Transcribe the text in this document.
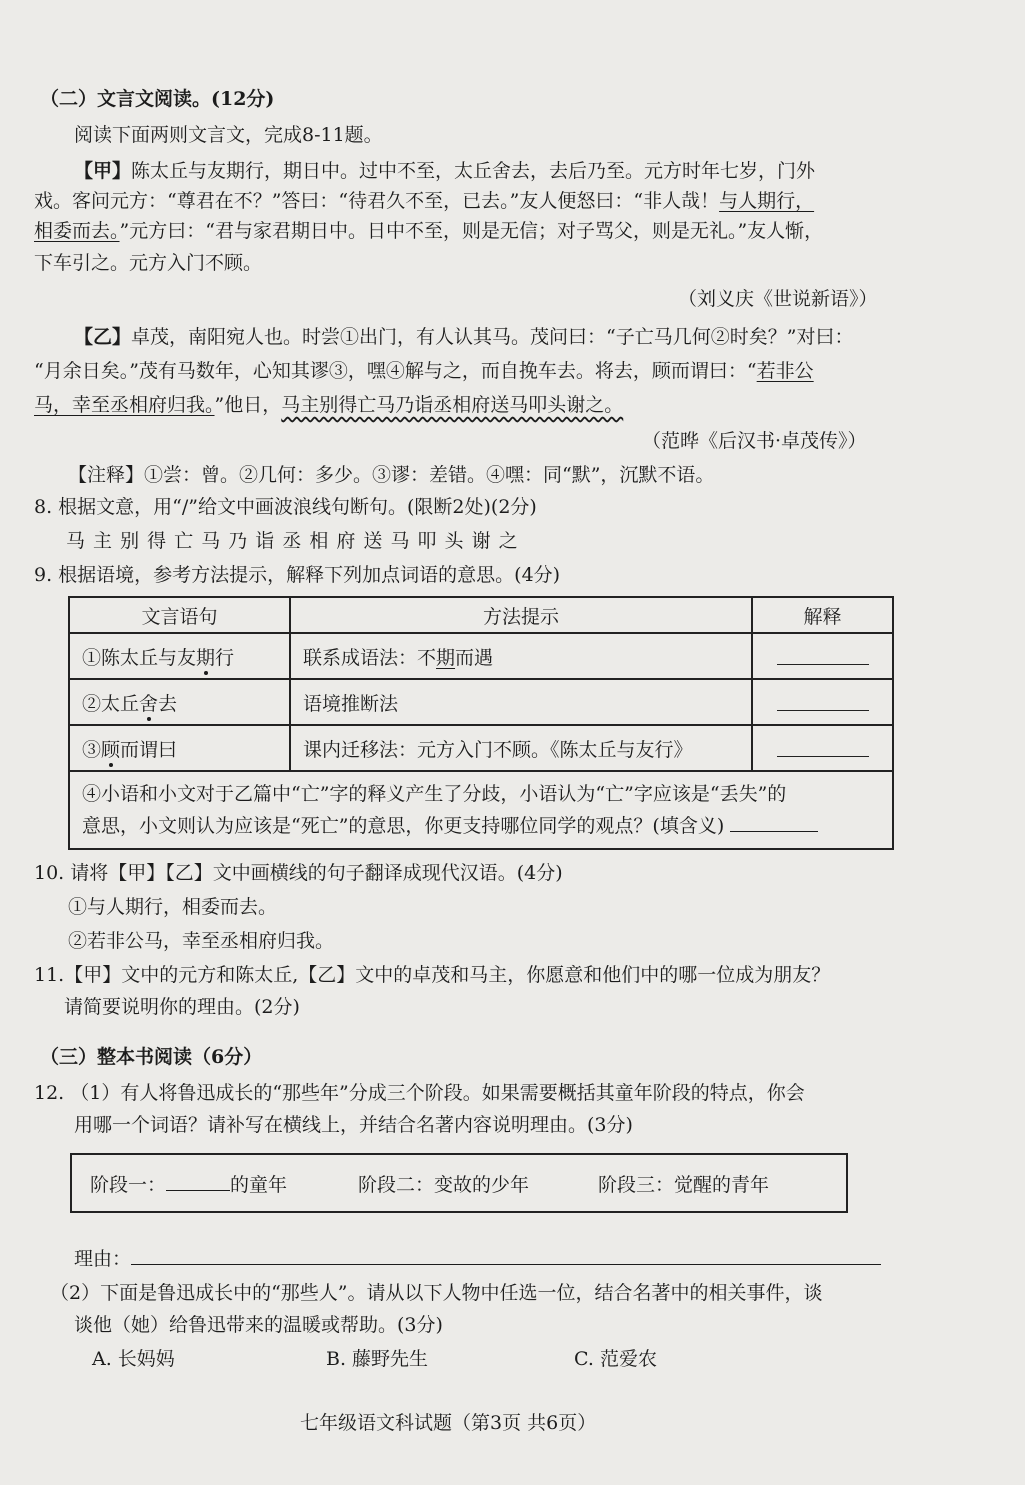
（二）文言文阅读。(12分)
阅读下面两则文言文，完成8-11题。
【甲】陈太丘与友期行，期日中。过中不至，太丘舍去，去后乃至。元方时年七岁，门外
戏。客问元方：“尊君在不？”答曰：“待君久不至，已去。”友人便怒曰：“非人哉！与人期行，
相委而去。”元方曰：“君与家君期日中。日中不至，则是无信；对子骂父，则是无礼。”友人惭，
下车引之。元方入门不顾。
（刘义庆《世说新语》）
【乙】卓茂，南阳宛人也。时尝①出门，有人认其马。茂问曰：“子亡马几何②时矣？”对曰：
“月余日矣。”茂有马数年，心知其谬③，嘿④解与之，而自挽车去。将去，顾而谓曰：“若非公
马，幸至丞相府归我。”他日，马主别得亡马乃诣丞相府送马叩头谢之。
（范晔《后汉书·卓茂传》）
【注释】①尝：曾。②几何：多少。③谬：差错。④嘿：同“默”，沉默不语。
8. 根据文意，用“/”给文中画波浪线句断句。(限断2处)(2分)
马 主 别 得 亡 马 乃 诣 丞 相 府 送 马 叩 头 谢 之
9. 根据语境，参考方法提示，解释下列加点词语的意思。(4分)
文言语句	方法提示	解释
①陈太丘与友期行	联系成语法：不期而遇	
②太丘舍去	语境推断法	
③顾而谓曰	课内迁移法：元方入门不顾。《陈太丘与友行》	

④小语和小文对于乙篇中“亡”字的释义产生了分歧，小语认为“亡”字应该是“丢失”的
意思，小文则认为应该是“死亡”的意思，你更支持哪位同学的观点？(填含义)		
10. 请将【甲】【乙】文中画横线的句子翻译成现代汉语。(4分)
①与人期行，相委而去。
②若非公马，幸至丞相府归我。
11.【甲】文中的元方和陈太丘,【乙】文中的卓茂和马主，你愿意和他们中的哪一位成为朋友？
请简要说明你的理由。(2分)
（三）整本书阅读（6分）
12. （1）有人将鲁迅成长的“那些年”分成三个阶段。如果需要概括其童年阶段的特点，你会
用哪一个词语？请补写在横线上，并结合名著内容说明理由。(3分)
阶段一：	的童年	阶段二：变故的少年	阶段三：觉醒的青年
理由：
（2）下面是鲁迅成长中的“那些人”。请从以下人物中任选一位，结合名著中的相关事件，谈
谈他（她）给鲁迅带来的温暖或帮助。(3分)
A. 长妈妈	B. 藤野先生	C. 范爱农
七年级语文科试题（第3页 共6页）
